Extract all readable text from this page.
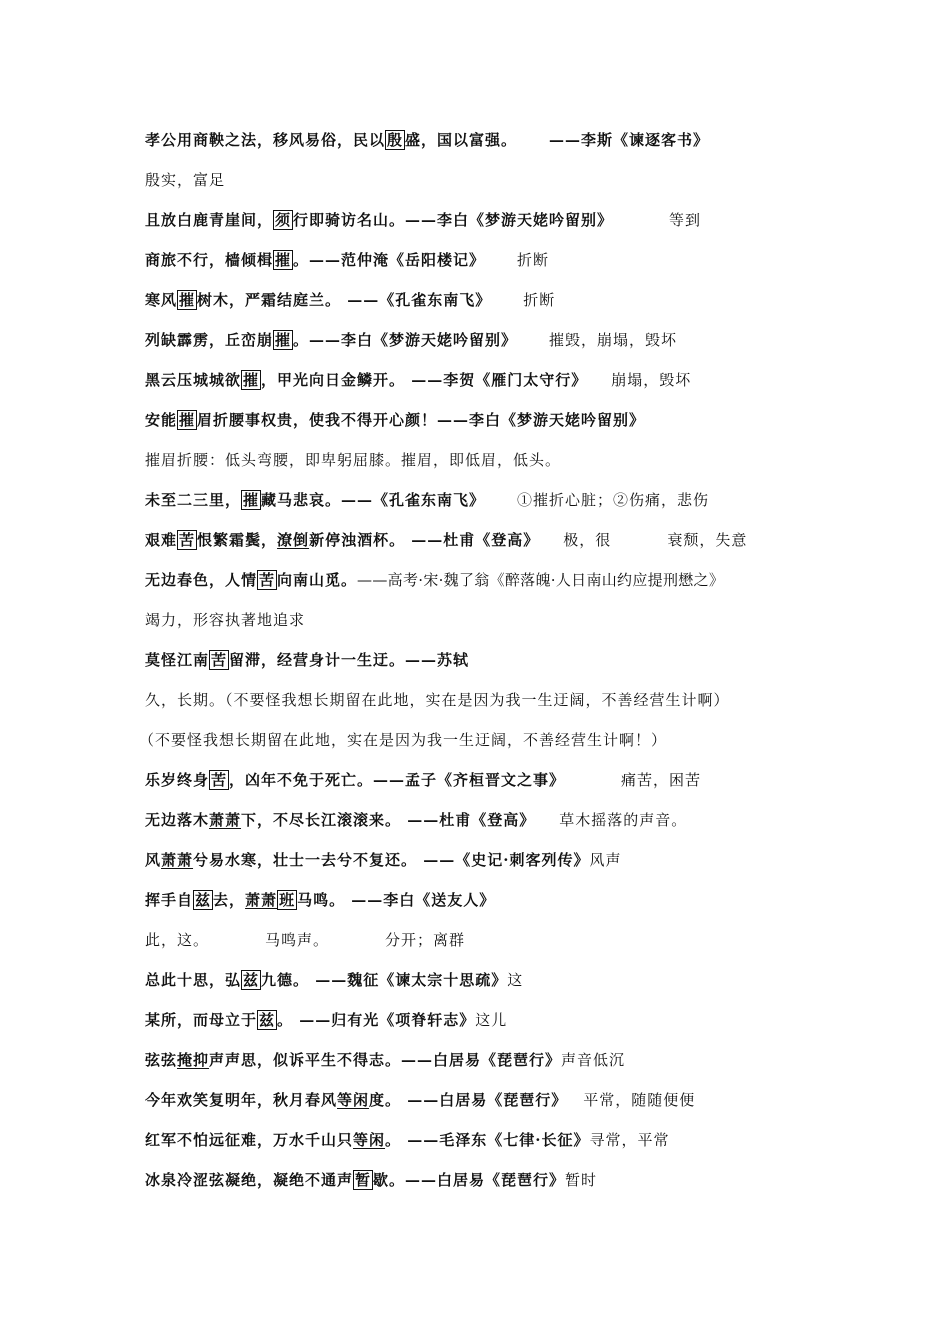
孝公用商鞅之法，移风易俗，民以 殷 盛，国以富强。 ——李斯《谏逐客书》
殷实，富足
且放白鹿青崖间， 须 行即骑访名山。——李白《梦游天姥吟留别》	等到
商旅不行，樯倾楫 摧 。——范仲淹《岳阳楼记》 折断
寒风 摧 树木，严霜结庭兰。 ——《孔雀东南飞》 折断
列缺霹雳，丘峦崩 摧 。——李白《梦游天姥吟留别》 摧毁，崩塌，毁坏
黑云压城城欲 摧 ，甲光向日金鳞开。 ——李贺《雁门太守行》 崩塌，毁坏
安能 摧 眉折腰事权贵，使我不得开心颜！——李白《梦游天姥吟留别》
摧眉折腰：低头弯腰，即卑躬屈膝。摧眉，即低眉，低头。
未至二三里， 摧 藏马悲哀。——《孔雀东南飞》 ①摧折心脏；②伤痛，悲伤
艰难 苦 恨繁霜鬓，潦倒新停浊酒杯。 ——杜甫《登高》 极，很	衰颓，失意
无边春色，人情 苦 向南山觅。——高考·宋·魏了翁《醉落魄·人日南山约应提刑懋之》
竭力，形容执著地追求
莫怪江南 苦 留滞，经营身计一生迂。——苏轼
久，长期。（不要怪我想长期留在此地，实在是因为我一生迂阔，不善经营生计啊）
（不要怪我想长期留在此地，实在是因为我一生迂阔，不善经营生计啊！）
乐岁终身 苦 ，凶年不免于死亡。——孟子《齐桓晋文之事》	痛苦，困苦
无边落木萧萧下，不尽长江滚滚来。 ——杜甫《登高》 草木摇落的声音。
风萧萧兮易水寒，壮士一去兮不复还。 ——《史记·刺客列传》风声
挥手自 兹 去，萧萧 班 马鸣。 ——李白《送友人》
此，这。	马鸣声。	分开；离群
总此十思，弘 兹 九德。 ——魏征《谏太宗十思疏》这
某所，而母立于 兹 。 ——归有光《项脊轩志》这儿
弦弦掩抑声声思，似诉平生不得志。——白居易《琵琶行》声音低沉
今年欢笑复明年，秋月春风等闲度。 ——白居易《琵琶行》 平常，随随便便
红军不怕远征难，万水千山只等闲。 ——毛泽东《七律·长征》寻常，平常
冰泉冷涩弦凝绝，凝绝不通声 暂 歇。——白居易《琵琶行》暂时
